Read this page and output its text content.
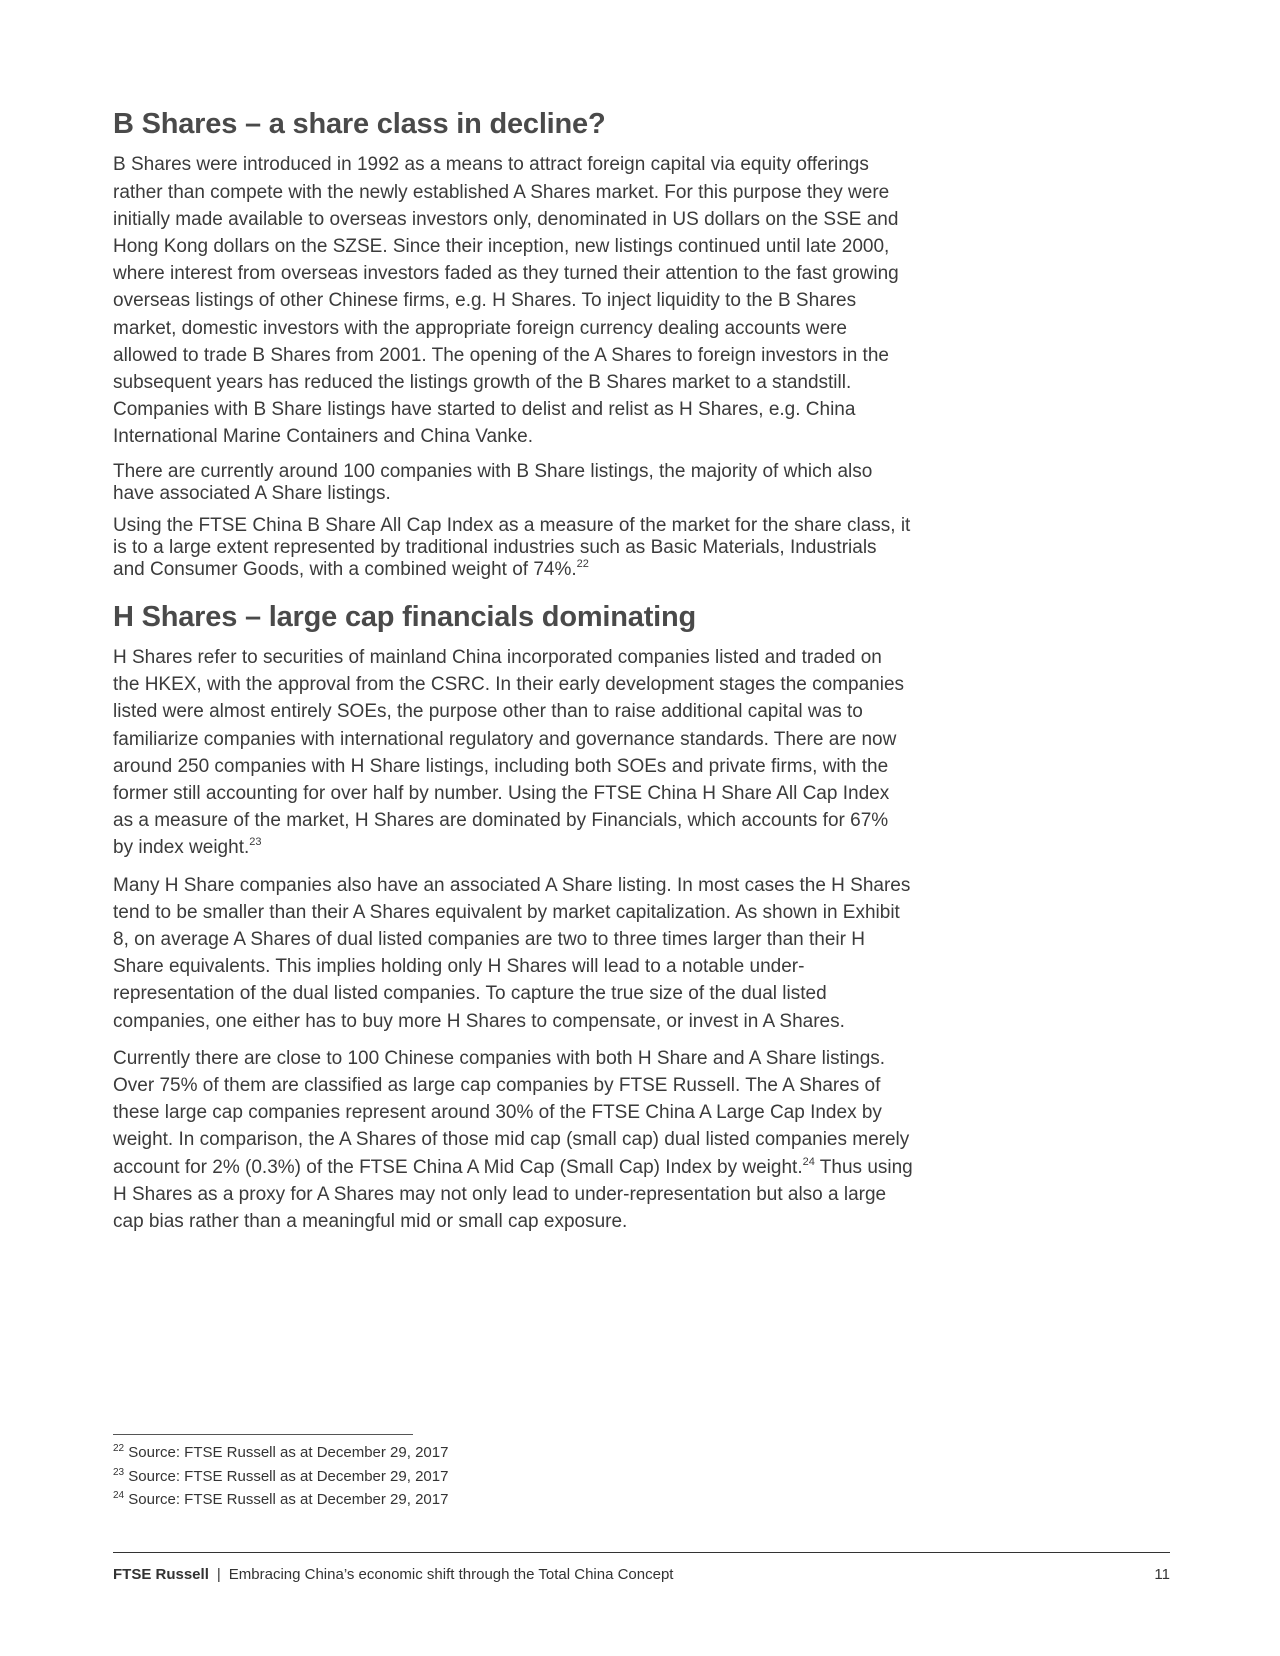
B Shares – a share class in decline?

B Shares were introduced in 1992 as a means to attract foreign capital via equity offerings rather than compete with the newly established A Shares market. For this purpose they were initially made available to overseas investors only, denominated in US dollars on the SSE and Hong Kong dollars on the SZSE. Since their inception, new listings continued until late 2000, where interest from overseas investors faded as they turned their attention to the fast growing overseas listings of other Chinese firms, e.g. H Shares. To inject liquidity to the B Shares market, domestic investors with the appropriate foreign currency dealing accounts were allowed to trade B Shares from 2001. The opening of the A Shares to foreign investors in the subsequent years has reduced the listings growth of the B Shares market to a standstill. Companies with B Share listings have started to delist and relist as H Shares, e.g. China International Marine Containers and China Vanke.

There are currently around 100 companies with B Share listings, the majority of which also have associated A Share listings.

Using the FTSE China B Share All Cap Index as a measure of the market for the share class, it is to a large extent represented by traditional industries such as Basic Materials, Industrials and Consumer Goods, with a combined weight of 74%.$^{22}$

H Shares – large cap financials dominating

H Shares refer to securities of mainland China incorporated companies listed and traded on the HKEX, with the approval from the CSRC. In their early development stages the companies listed were almost entirely SOEs, the purpose other than to raise additional capital was to familiarize companies with international regulatory and governance standards. There are now around 250 companies with H Share listings, including both SOEs and private firms, with the former still accounting for over half by number. Using the FTSE China H Share All Cap Index as a measure of the market, H Shares are dominated by Financials, which accounts for 67% by index weight.$^{23}$

Many H Share companies also have an associated A Share listing. In most cases the H Shares tend to be smaller than their A Shares equivalent by market capitalization. As shown in Exhibit 8, on average A Shares of dual listed companies are two to three times larger than their H Share equivalents. This implies holding only H Shares will lead to a notable under-representation of the dual listed companies. To capture the true size of the dual listed companies, one either has to buy more H Shares to compensate, or invest in A Shares.

Currently there are close to 100 Chinese companies with both H Share and A Share listings. Over 75% of them are classified as large cap companies by FTSE Russell. The A Shares of these large cap companies represent around 30% of the FTSE China A Large Cap Index by weight. In comparison, the A Shares of those mid cap (small cap) dual listed companies merely account for 2% (0.3%) of the FTSE China A Mid Cap (Small Cap) Index by weight.$^{24}$ Thus using H Shares as a proxy for A Shares may not only lead to under-representation but also a large cap bias rather than a meaningful mid or small cap exposure.

$^{22}$ Source: FTSE Russell as at December 29, 2017
$^{23}$ Source: FTSE Russell as at December 29, 2017
$^{24}$ Source: FTSE Russell as at December 29, 2017
FTSE Russell | Embracing China’s economic shift through the Total China Concept	11
